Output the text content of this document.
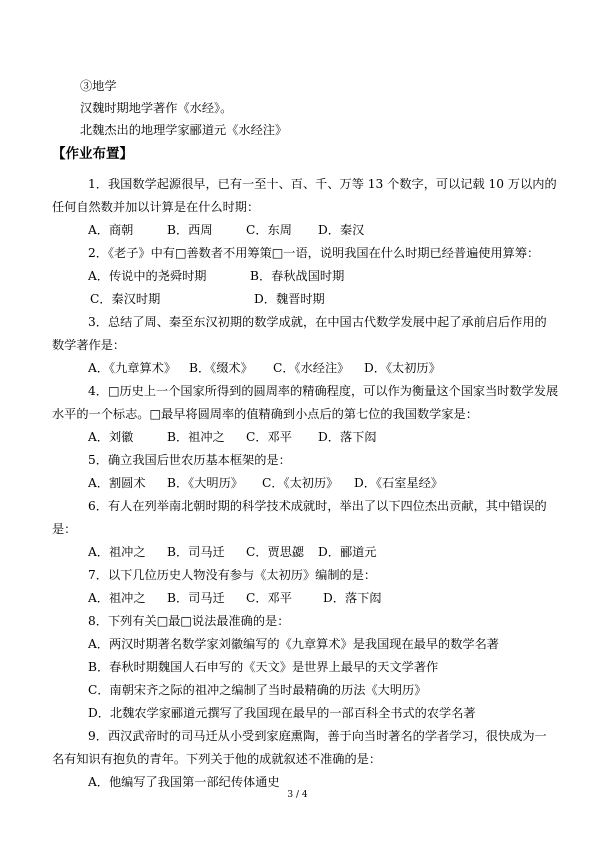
③地学
汉魏时期地学著作《水经》。
北魏杰出的地理学家郦道元《水经注》
【作业布置】
1．我国数学起源很早，已有一至十、百、千、万等 13 个数字，可以记载 10 万以内的
任何自然数并加以计算是在什么时期：
A．商朝	B．西周	C．东周 D．秦汉
2．《老子》中有□善数者不用筹策□一语，说明我国在什么时期已经普遍使用算筹：
A．传说中的尧舜时期	B．春秋战国时期
C．秦汉时期	D．魏晋时期
3．总结了周、秦至东汉初期的数学成就，在中国古代数学发展中起了承前启后作用的
数学著作是：
A．《九章算术》 B．《缀术》 C．《水经注》 D．《太初历》
4．□历史上一个国家所得到的圆周率的精确程度，可以作为衡量这个国家当时数学发展
水平的一个标志。□最早将圆周率的值精确到小点后的第七位的我国数学家是：
A．刘徽	B．祖冲之 C．邓平 D．落下闳
5．确立我国后世农历基本框架的是：
A．割圆术 B．《大明历》 C．《太初历》 D．《石室星经》
6．有人在列举南北朝时期的科学技术成就时，举出了以下四位杰出贡献，其中错误的
是：
A．祖冲之 B．司马迁 C．贾思勰 D．郦道元
7．以下几位历史人物没有参与《太初历》编制的是：
A．祖冲之 B．司马迁 C．邓平	D．落下闳
8．下列有关□最□说法最准确的是：
A．两汉时期著名数学家刘徽编写的《九章算术》是我国现在最早的数学名著
B．春秋时期魏国人石申写的《天文》是世界上最早的天文学著作
C．南朝宋齐之际的祖冲之编制了当时最精确的历法《大明历》
D．北魏农学家郦道元撰写了我国现在最早的一部百科全书式的农学名著
9．西汉武帝时的司马迁从小受到家庭熏陶，善于向当时著名的学者学习，很快成为一
名有知识有抱负的青年。下列关于他的成就叙述不准确的是：
A．他编写了我国第一部纪传体通史
3 / 4
